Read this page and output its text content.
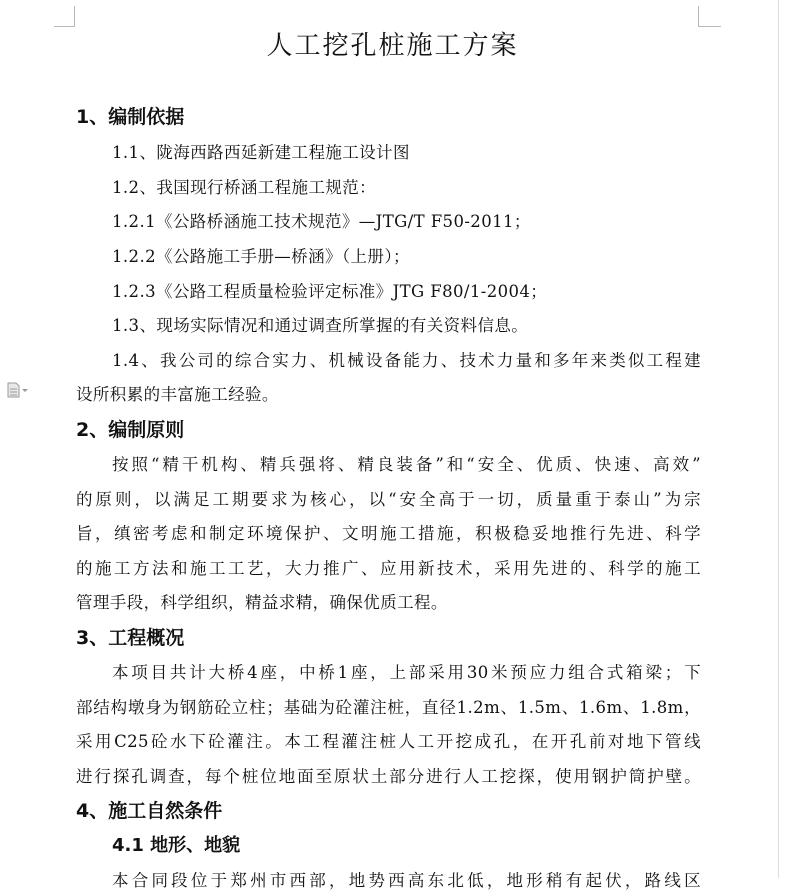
人工挖孔桩施工方案
1、编制依据
1.1、陇海西路西延新建工程施工设计图
1.2、我国现行桥涵工程施工规范：
1.2.1《公路桥涵施工技术规范》—JTG/T F50-2011；
1.2.2《公路施工手册—桥涵》（上册）；
1.2.3《公路工程质量检验评定标准》JTG F80/1-2004；
1.3、现场实际情况和通过调查所掌握的有关资料信息。
1.4、我公司的综合实力、机械设备能力、技术力量和多年来类似工程建
设所积累的丰富施工经验。
2、编制原则
按照“精干机构、精兵强将、精良装备”和“安全、优质、快速、高效”
的原则，以满足工期要求为核心，以“安全高于一切，质量重于泰山”为宗
旨，缜密考虑和制定环境保护、文明施工措施，积极稳妥地推行先进、科学
的施工方法和施工工艺，大力推广、应用新技术，采用先进的、科学的施工
管理手段，科学组织，精益求精，确保优质工程。
3、工程概况
本项目共计大桥4座，中桥1座，上部采用30米预应力组合式箱梁；下
部结构墩身为钢筋砼立柱；基础为砼灌注桩，直径1.2m、1.5m、1.6m、1.8m，
采用C25砼水下砼灌注。本工程灌注桩人工开挖成孔，在开孔前对地下管线
进行探孔调查，每个桩位地面至原状土部分进行人工挖探，使用钢护筒护壁。
4、施工自然条件
4.1 地形、地貌
本合同段位于郑州市西部，地势西高东北低，地形稍有起伏，路线区
